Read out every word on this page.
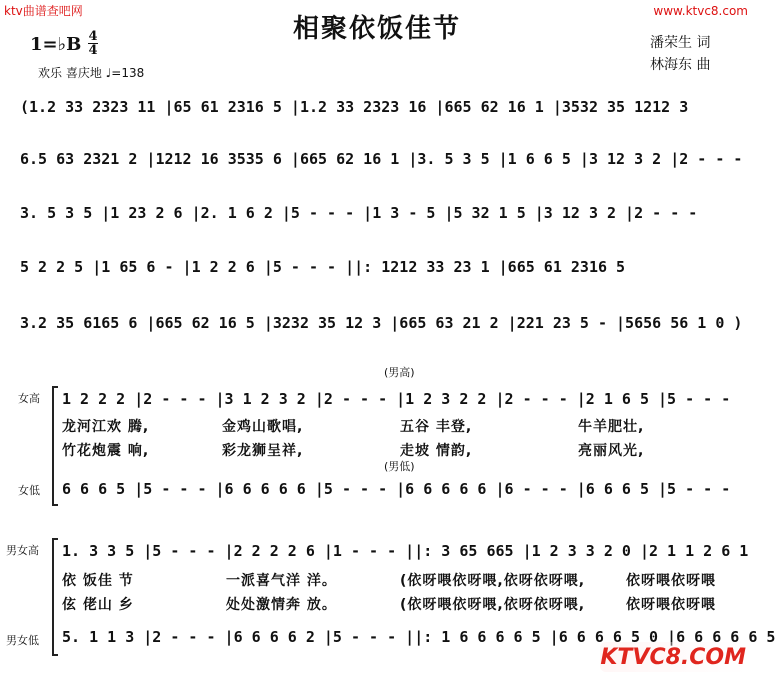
ktv曲谱查吧网	www.ktvc8.com
相聚依饭佳节	潘荣生 词
林海东 曲
1=♭B 4
4
欢乐 喜庆地 ♩=138
(1.2 33 2323 11 |65 61 2316 5 |1.2 33 2323 16 |665 62 16 1 |3532 35 1212 3
6.5 63 2321 2 |1212 16 3535 6 |665 62 16 1 |3. 5 3 5 |1 6 6 5 |3 12 3 2 |2 - - -
3. 5 3 5 |1 23 2 6 |2. 1 6 2 |5 - - - |1 3 - 5 |5 32 1 5 |3 12 3 2 |2 - - -
5 2 2 5 |1 65 6 - |1 2 2 6 |5 - - - ||: 1212 33 23 1 |665 61 2316 5
3.2 35 6165 6 |665 62 16 5 |3232 35 12 3 |665 63 21 2 |221 23 5 - |5656 56 1 0 )
女高
女低
(男高)
(男低)
1 2 2 2 |2 - - - |3 1 2 3 2 |2 - - - |1 2 3 2 2 |2 - - - |2 1 6 5 |5 - - -
龙河江欢 腾,	金鸡山歌唱,	五谷 丰登,	牛羊肥壮,
竹花炮震 响,	彩龙狮呈祥,	走坡 情韵,	亮丽风光,
6 6 6 5 |5 - - - |6 6 6 6 6 |5 - - - |6 6 6 6 6 |6 - - - |6 6 6 5 |5 - - -
男女高
男女低
1. 3 3 5 |5 - - - |2 2 2 2 6 |1 - - - ||: 3 65 665 |1 2 3 3 2 0 |2 1 1 2 6 1
依 饭佳 节	一派喜气洋 洋。	(依呀喂依呀喂,依呀依呀喂,	依呀喂依呀喂
伭 佬山 乡	处处激情奔 放。	(依呀喂依呀喂,依呀依呀喂,	依呀喂依呀喂
5. 1 1 3 |2 - - - |6 6 6 6 2 |5 - - - ||: 1 6 6 6 6 5 |6 6 6 6 5 0 |6 6 6 6 6 5
KTVC8.COM
